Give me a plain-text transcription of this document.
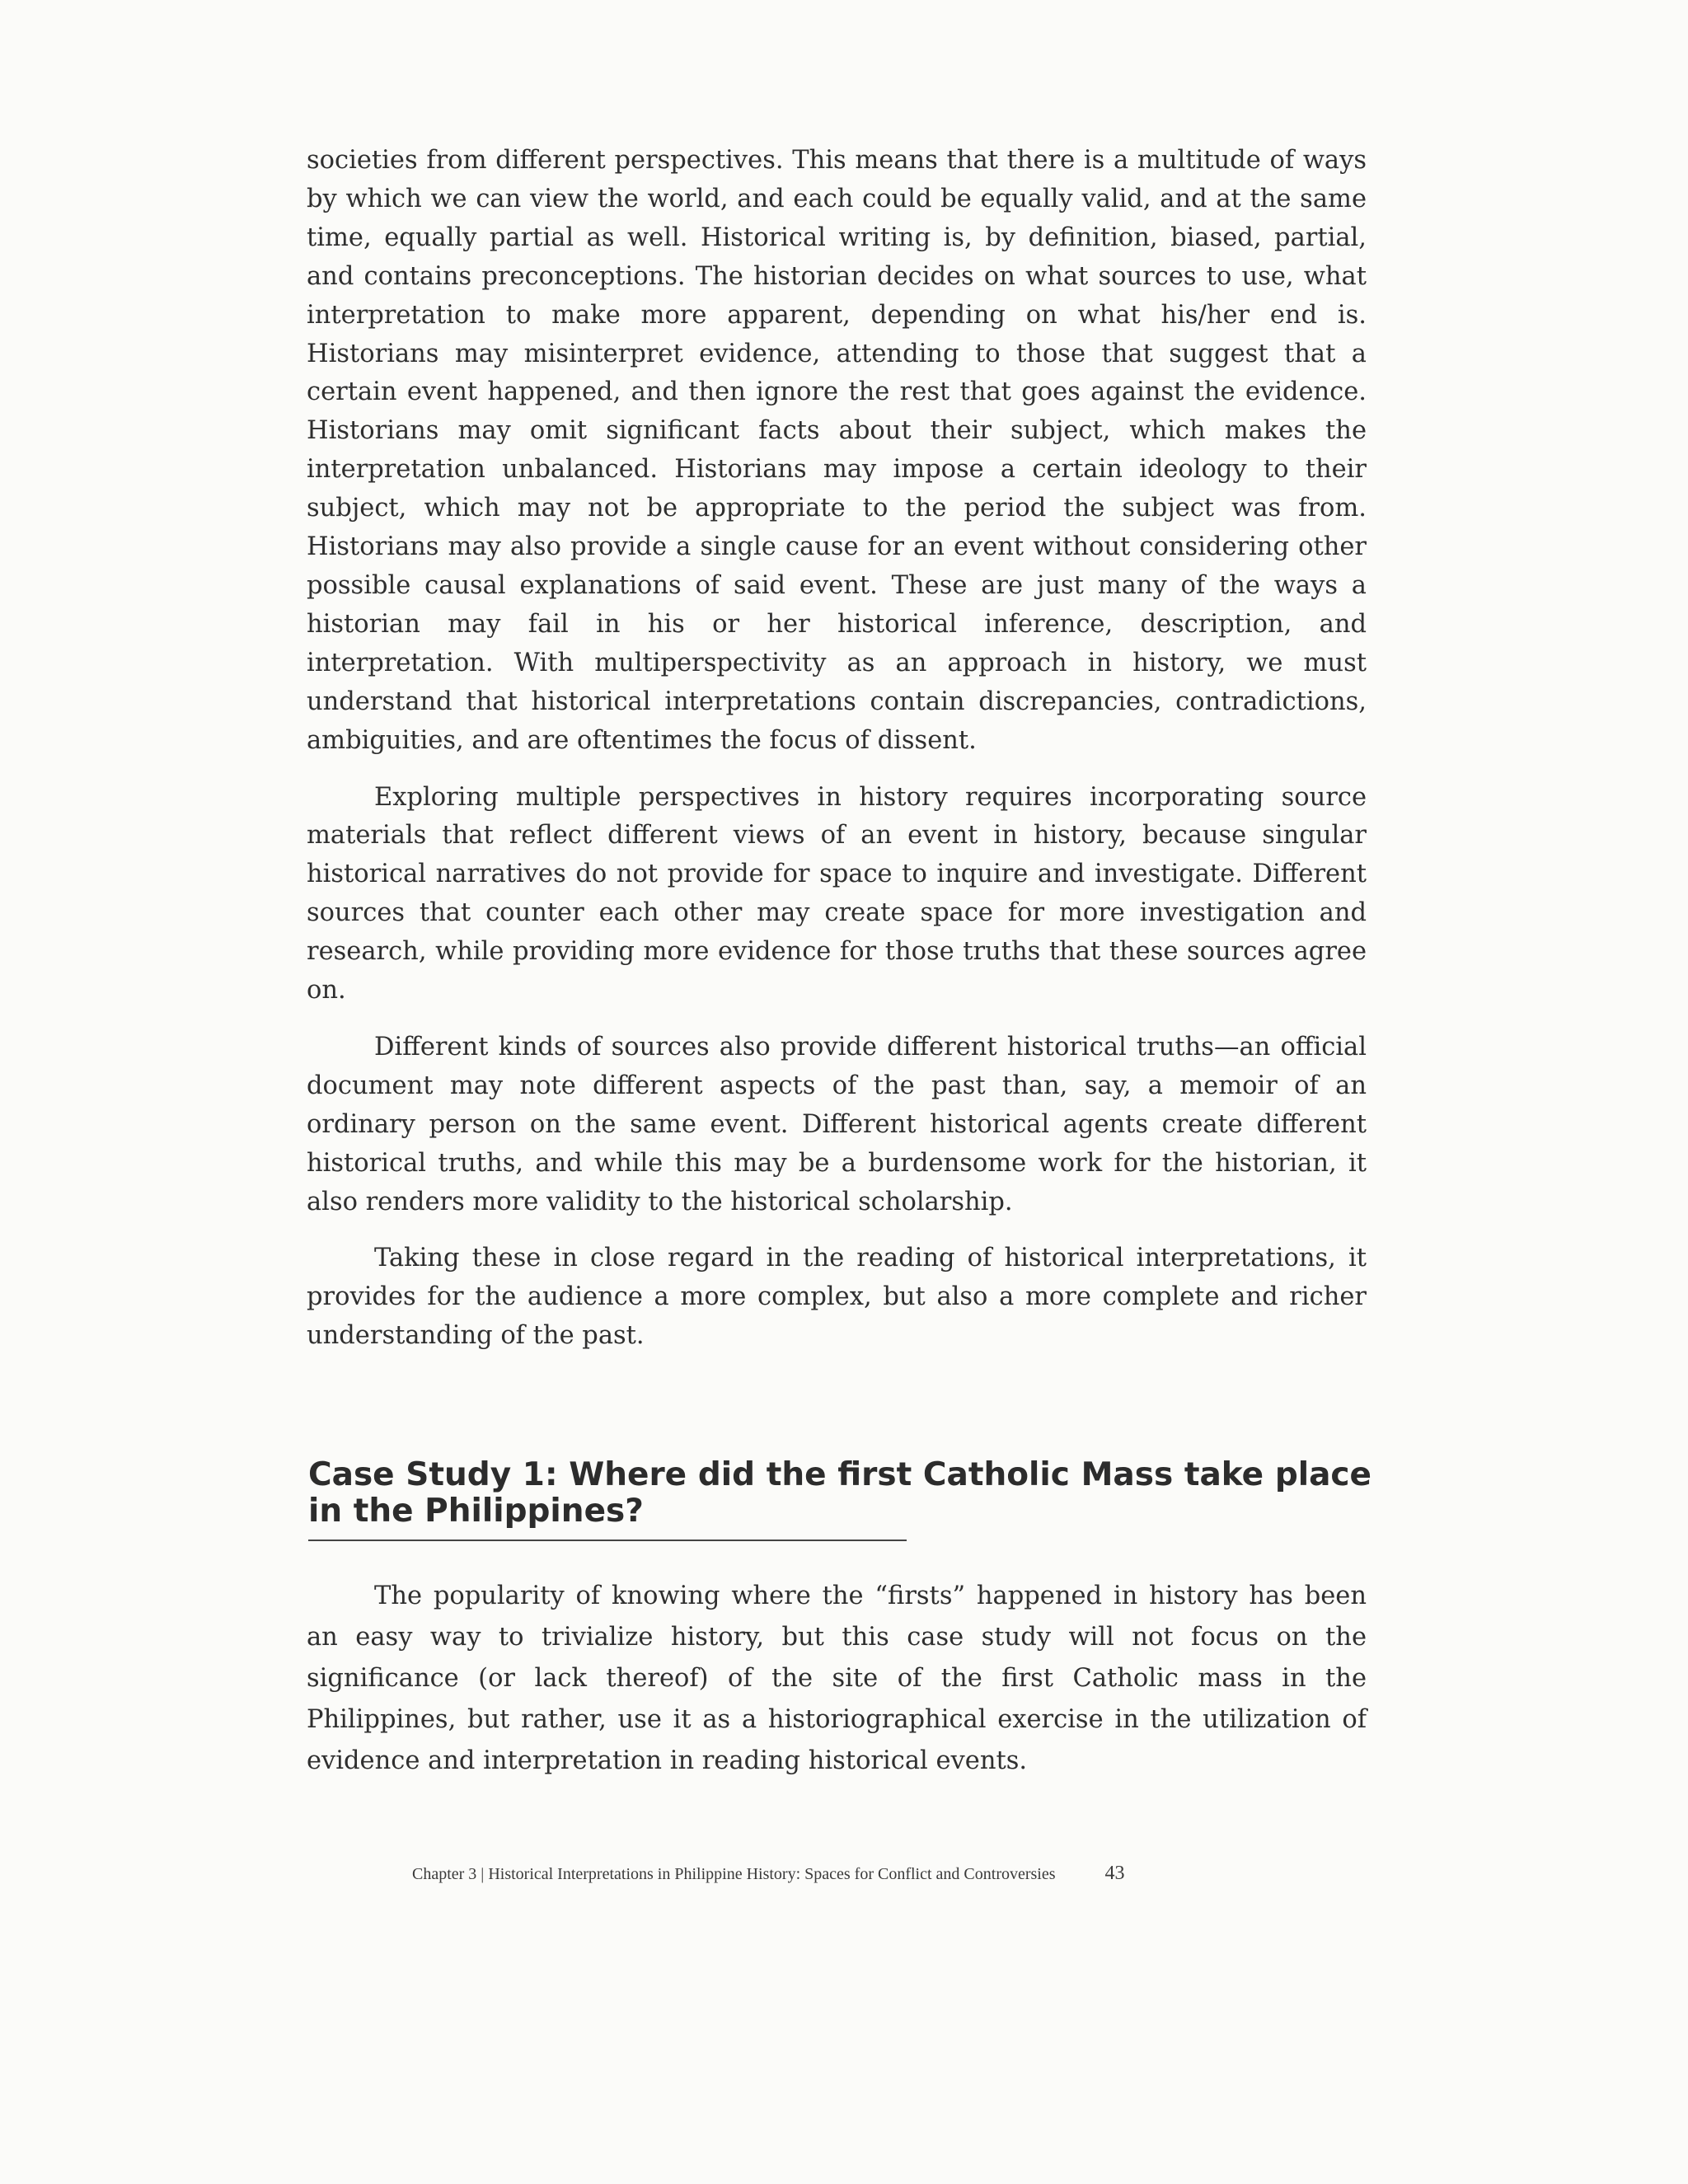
societies from different perspectives. This means that there is a multitude of ways by which we can view the world, and each could be equally valid, and at the same time, equally partial as well. Historical writing is, by definition, biased, partial, and contains preconceptions. The historian decides on what sources to use, what interpretation to make more apparent, depending on what his/her end is. Historians may misinterpret evidence, attending to those that suggest that a certain event happened, and then ignore the rest that goes against the evidence. Historians may omit significant facts about their subject, which makes the interpretation unbalanced. Historians may impose a certain ideology to their subject, which may not be appropriate to the period the subject was from. Historians may also provide a single cause for an event without considering other possible causal explanations of said event. These are just many of the ways a historian may fail in his or her historical inference, description, and interpretation. With multiperspectivity as an approach in history, we must understand that historical interpretations contain discrepancies, contradictions, ambiguities, and are oftentimes the focus of dissent.

Exploring multiple perspectives in history requires incorporating source materials that reflect different views of an event in history, because singular historical narratives do not provide for space to inquire and investigate. Different sources that counter each other may create space for more investigation and research, while providing more evidence for those truths that these sources agree on.

Different kinds of sources also provide different historical truths—an official document may note different aspects of the past than, say, a memoir of an ordinary person on the same event. Different historical agents create different historical truths, and while this may be a burdensome work for the historian, it also renders more validity to the historical scholarship.

Taking these in close regard in the reading of historical interpretations, it provides for the audience a more complex, but also a more complete and richer understanding of the past.

Case Study 1: Where did the first Catholic Mass take place in the Philippines?

The popularity of knowing where the “firsts” happened in history has been an easy way to trivialize history, but this case study will not focus on the significance (or lack thereof) of the site of the first Catholic mass in the Philippines, but rather, use it as a historiographical exercise in the utilization of evidence and interpretation in reading historical events.

Chapter 3 | Historical Interpretations in Philippine History: Spaces for Conflict and Controversies	43
